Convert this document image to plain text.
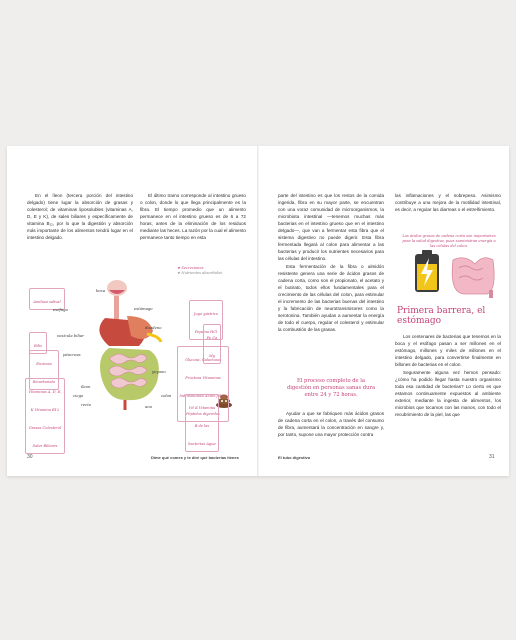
En el íleon (tercera porción del intestino delgado) tiene lugar la absorción de grasas y colesterol; de vitaminas liposolubles (vitaminas A, D, E y K), de sales biliares y específicamente de vitamina B₁₂, por lo que la digestión y absorción más importante de los alimentos tendrá lugar en el intestino delgado.

El último tramo corresponde al intestino grueso o colon, donde lo que llega principalmente es la fibra. El tiempo promedio que un alimento permanece en el intestino grueso es de 6 a 72 horas, antes de la eliminación de los residuos mediante las heces. La razón por la cual el alimento permanece tanto tiempo en esta

★ Secreciones
★ Nutrientes absorbidos
Amilasa salival
boca
esófago	estómago
Jugo gástrico Pepsina HCl
Bilis
vesícula biliar	Fe Ca Mg
duodeno
Enzimas Bicarbonato
páncreas
Glucosa, Galactosa, Fructosa Vitaminas hidrosolubles Ácido fólico Péptidos digeridos
yeyuno
Vitaminas A, D, E, K Vitamina B12 Grasas Colesterol Sales Biliares
íleon
ciego
recto	ano
colon
Vit K Vitamina B de las bacterias Agua
30	Dime qué comes y te diré qué bacterias tienes

parte del intestino es que los restos de la comida ingerida, fibra en su mayor parte, se encuentran con una voraz comunidad de microorganismos, la microbiota intestinal —tenemos muchas más bacterias en el intestino grueso que en el intestino delgado—, que van a fermentar esta fibra que el sistema digestivo no puede digerir. Esta fibra fermentada llegará al colon para alimentar a las bacterias y producir los nutrientes necesarios para las células del intestino.

Esta fermentación de la fibra o almidón resistente genera una serie de ácidos grasos de cadena corta, como son el propionato, el acetato y el butirato, todos ellos fundamentales para el crecimiento de las células del colon, para estimular el incremento de las bacterias buenas del intestino y la fabricación de neurotransmisores como la serotonina. También ayudan a aumentar la energía de todo el cuerpo, regular el colesterol y estimular la combustión de las grasas.

El proceso completo de la digestión en personas sanas dura entre 24 y 72 horas.

Ayudar a que se fabriquen más ácidos grasos de cadena corta en el colon, a través del consumo de fibra, aumentará la concentración en sangre y, por tanto, supone una mayor protección contra

las inflamaciones y el sobrepeso. Asimismo contribuye a una mejora de la motilidad intestinal, es decir, a regular las diarreas o el estreñimiento.

Los ácidos grasos de cadena corta son importantes para la salud digestiva, pues suministran energía a las células del colon.
Primera barrera, el estómago

Los centenares de bacterias que tenemos en la boca y el esófago pasan a ser millones en el estómago, millones y miles de millones en el intestino delgado, para convertirse finalmente en billones de bacterias en el colon.

Seguramente alguna vez hemos pensado: ¿cómo ha podido llegar hasta nuestro organismo toda esa cantidad de bacterias? Lo cierto es que estamos continuamente expuestos al ambiente exterior, mediante la ingesta de alimentos, los microbios que tocamos con las manos, con todo el recubrimiento de la piel, las que

El tubo digestivo	31
